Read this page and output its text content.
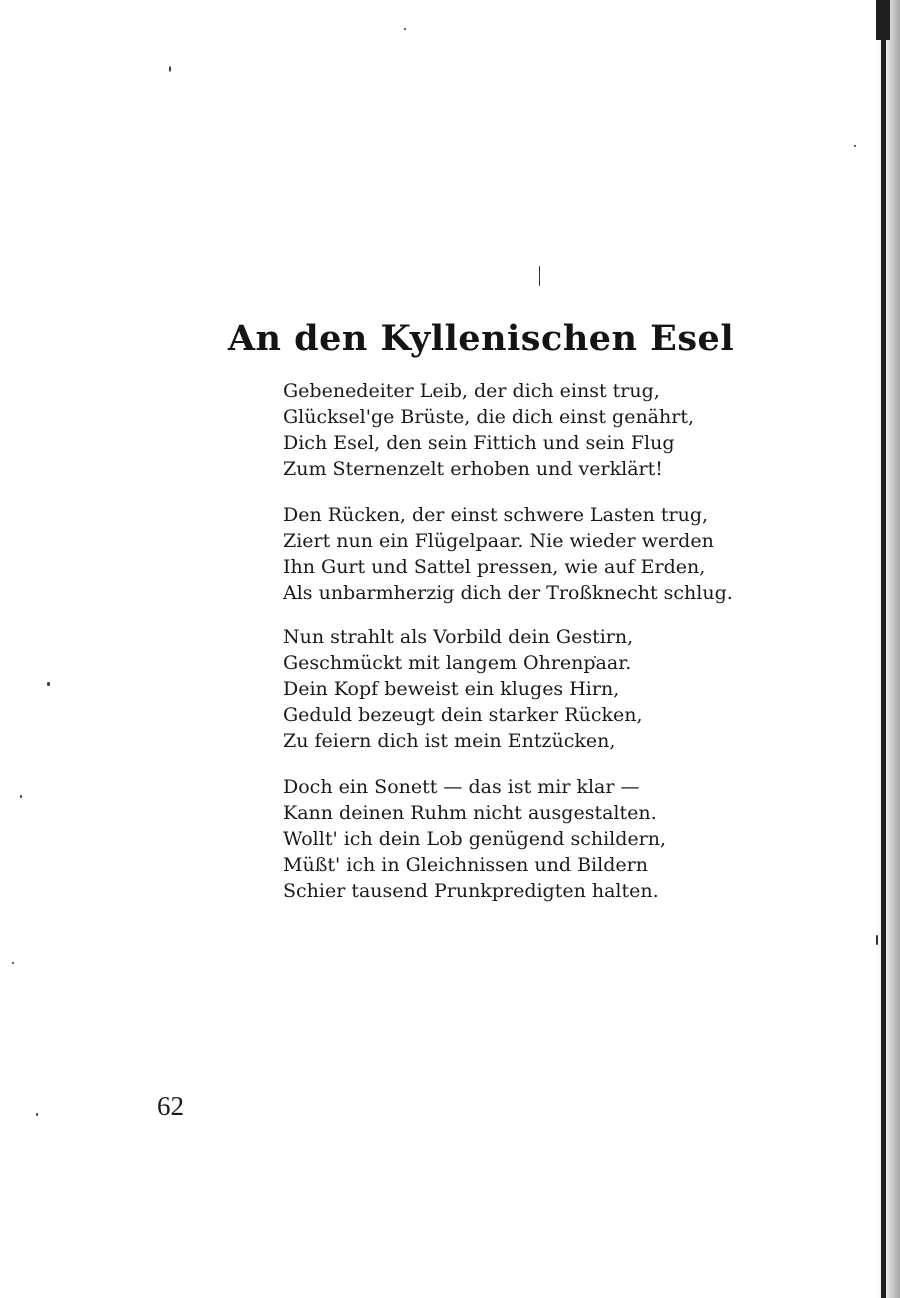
An den Kyllenischen Esel
Gebenedeiter Leib, der dich einst trug,
Glücksel'ge Brüste, die dich einst genährt,
Dich Esel, den sein Fittich und sein Flug
Zum Sternenzelt erhoben und verklärt!
Den Rücken, der einst schwere Lasten trug,
Ziert nun ein Flügelpaar. Nie wieder werden
Ihn Gurt und Sattel pressen, wie auf Erden,
Als unbarmherzig dich der Troßknecht schlug.
Nun strahlt als Vorbild dein Gestirn,
Geschmückt mit langem Ohrenpaar.
Dein Kopf beweist ein kluges Hirn,
Geduld bezeugt dein starker Rücken,
Zu feiern dich ist mein Entzücken,
Doch ein Sonett — das ist mir klar —
Kann deinen Ruhm nicht ausgestalten.
Wollt' ich dein Lob genügend schildern,
Müßt' ich in Gleichnissen und Bildern
Schier tausend Prunkpredigten halten.
62
